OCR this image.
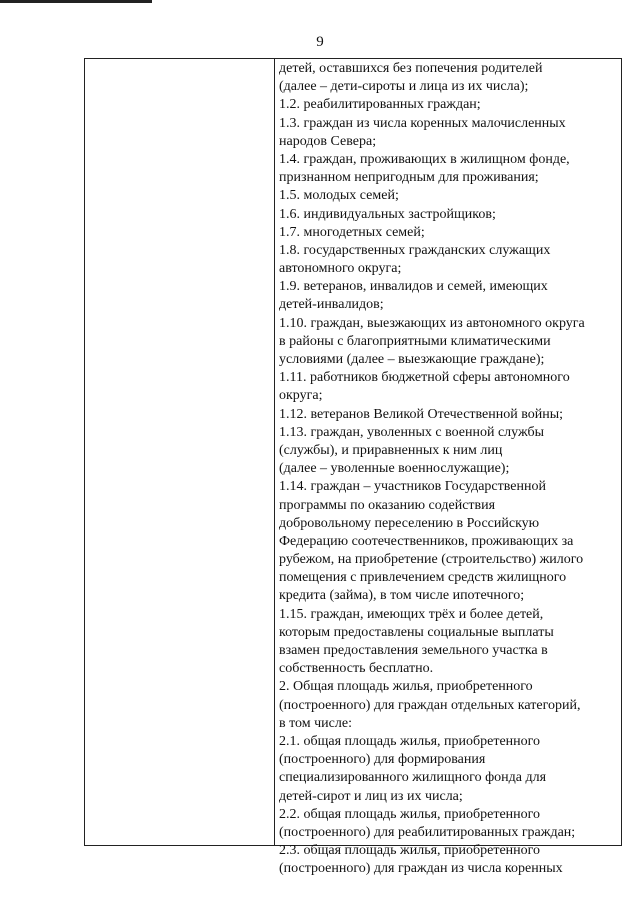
9
детей, оставшихся без попечения родителей
(далее – дети-сироты и лица из их числа);
1.2. реабилитированных граждан;
1.3. граждан из числа коренных малочисленных
народов Севера;
1.4. граждан, проживающих в жилищном фонде,
признанном непригодным для проживания;
1.5. молодых семей;
1.6. индивидуальных застройщиков;
1.7. многодетных семей;
1.8. государственных гражданских служащих
автономного округа;
1.9. ветеранов, инвалидов и семей, имеющих
детей-инвалидов;
1.10. граждан, выезжающих из автономного округа
в районы с благоприятными климатическими
условиями (далее – выезжающие граждане);
1.11. работников бюджетной сферы автономного
округа;
1.12. ветеранов Великой Отечественной войны;
1.13. граждан, уволенных с военной службы
(службы), и приравненных к ним лиц
(далее – уволенные военнослужащие);
1.14. граждан – участников Государственной
программы по оказанию содействия
добровольному переселению в Российскую
Федерацию соотечественников, проживающих за
рубежом, на приобретение (строительство) жилого
помещения с привлечением средств жилищного
кредита (займа), в том числе ипотечного;
1.15. граждан, имеющих трёх и более детей,
которым предоставлены социальные выплаты
взамен предоставления земельного участка в
собственность бесплатно.
2. Общая площадь жилья, приобретенного
(построенного) для граждан отдельных категорий,
в том числе:
2.1. общая площадь жилья, приобретенного
(построенного) для формирования
специализированного жилищного фонда для
детей-сирот и лиц из их числа;
2.2. общая площадь жилья, приобретенного
(построенного) для реабилитированных граждан;
2.3. общая площадь жилья, приобретенного
(построенного) для граждан из числа коренных
